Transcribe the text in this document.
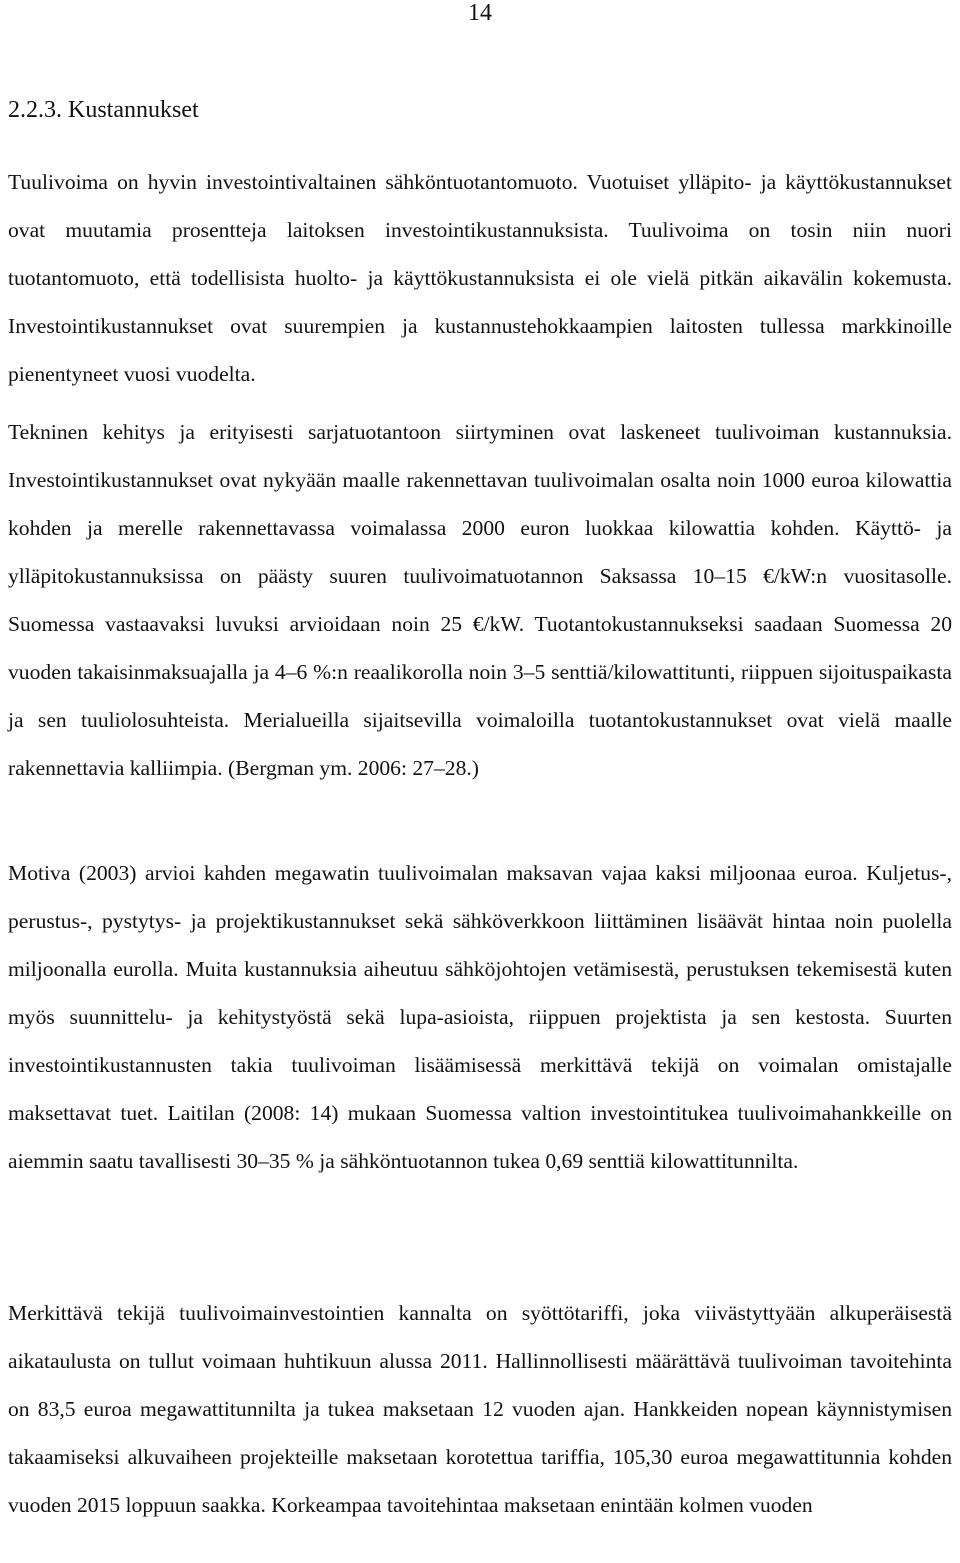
14
2.2.3. Kustannukset

Tuulivoima on hyvin investointivaltainen sähköntuotantomuoto. Vuotuiset ylläpito- ja käyttökustannukset ovat muutamia prosentteja laitoksen investointikustannuksista. Tuulivoima on tosin niin nuori tuotantomuoto, että todellisista huolto- ja käyttökustannuksista ei ole vielä pitkän aikavälin kokemusta. Investointikustannukset ovat suurempien ja kustannustehokkaampien laitosten tullessa markkinoille pienentyneet vuosi vuodelta.

Tekninen kehitys ja erityisesti sarjatuotantoon siirtyminen ovat laskeneet tuulivoiman kustannuksia. Investointikustannukset ovat nykyään maalle rakennettavan tuulivoimalan osalta noin 1000 euroa kilowattia kohden ja merelle rakennettavassa voimalassa 2000 euron luokkaa kilowattia kohden. Käyttö- ja ylläpitokustannuksissa on päästy suuren tuulivoimatuotannon Saksassa 10–15 €/kW:n vuositasolle. Suomessa vastaavaksi luvuksi arvioidaan noin 25 €/kW. Tuotantokustannukseksi saadaan Suomessa 20 vuoden takaisinmaksuajalla ja 4–6 %:n reaalikorolla noin 3–5 senttiä/kilowattitunti, riippuen sijoituspaikasta ja sen tuuliolosuhteista. Merialueilla sijaitsevilla voimaloilla tuotantokustannukset ovat vielä maalle rakennettavia kalliimpia. (Bergman ym. 2006: 27–28.)

Motiva (2003) arvioi kahden megawatin tuulivoimalan maksavan vajaa kaksi miljoonaa euroa. Kuljetus-, perustus-, pystytys- ja projektikustannukset sekä sähköverkkoon liittäminen lisäävät hintaa noin puolella miljoonalla eurolla. Muita kustannuksia aiheutuu sähköjohtojen vetämisestä, perustuksen tekemisestä kuten myös suunnittelu- ja kehitystyöstä sekä lupa-asioista, riippuen projektista ja sen kestosta. Suurten investointikustannusten takia tuulivoiman lisäämisessä merkittävä tekijä on voimalan omistajalle maksettavat tuet. Laitilan (2008: 14) mukaan Suomessa valtion investointitukea tuulivoimahankkeille on aiemmin saatu tavallisesti 30–35 % ja sähköntuotannon tukea 0,69 senttiä kilowattitunnilta.

Merkittävä tekijä tuulivoimainvestointien kannalta on syöttötariffi, joka viivästyttyään alkuperäisestä aikataulusta on tullut voimaan huhtikuun alussa 2011. Hallinnollisesti määrättävä tuulivoiman tavoitehinta on 83,5 euroa megawattitunnilta ja tukea maksetaan 12 vuoden ajan. Hankkeiden nopean käynnistymisen takaamiseksi alkuvaiheen projekteille maksetaan korotettua tariffia, 105,30 euroa megawattitunnia kohden vuoden 2015 loppuun saakka. Korkeampaa tavoitehintaa maksetaan enintään kolmen vuoden
